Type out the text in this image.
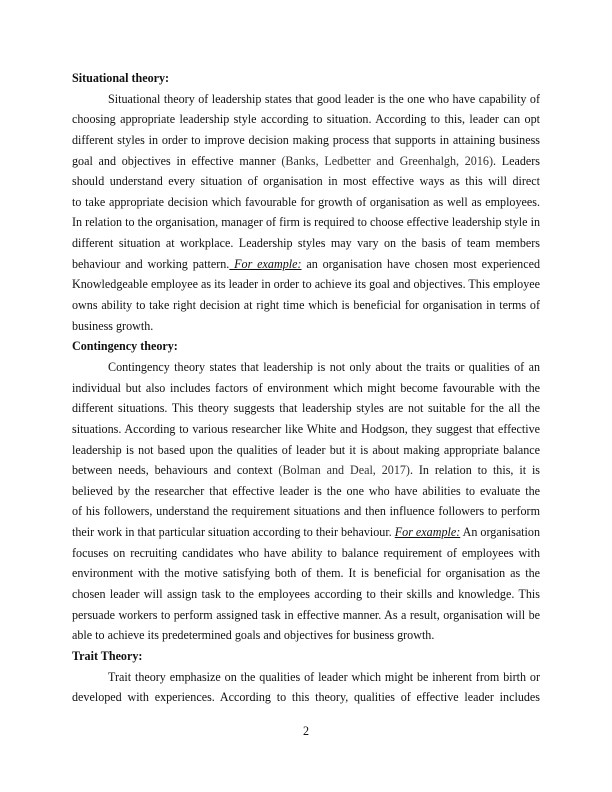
Situational theory:
Situational theory of leadership states that good leader is the one who have capability of
choosing appropriate leadership style according to situation. According to this, leader can opt
different styles in order to improve decision making process that supports in attaining business
goal and objectives in effective manner (Banks, Ledbetter and Greenhalgh, 2016). Leaders
should understand every situation of organisation in most effective ways as this will direct
to take appropriate decision which favourable for growth of organisation as well as employees.
In relation to the organisation, manager of firm is required to choose effective leadership style in
different situation at workplace. Leadership styles may vary on the basis of team members
behaviour and working pattern. For example: an organisation have chosen most experienced
Knowledgeable employee as its leader in order to achieve its goal and objectives. This employee
owns ability to take right decision at right time which is beneficial for organisation in terms of
business growth.
Contingency theory:
Contingency theory states that leadership is not only about the traits or qualities of an
individual but also includes factors of environment which might become favourable with the
different situations. This theory suggests that leadership styles are not suitable for the all the
situations. According to various researcher like White and Hodgson, they suggest that effective
leadership is not based upon the qualities of leader but it is about making appropriate balance
between needs, behaviours and context (Bolman and Deal, 2017). In relation to this, it is
believed by the researcher that effective leader is the one who have abilities to evaluate the
of his followers, understand the requirement situations and then influence followers to perform
their work in that particular situation according to their behaviour. For example: An organisation
focuses on recruiting candidates who have ability to balance requirement of employees with
environment with the motive satisfying both of them. It is beneficial for organisation as the
chosen leader will assign task to the employees according to their skills and knowledge. This
persuade workers to perform assigned task in effective manner. As a result, organisation will be
able to achieve its predetermined goals and objectives for business growth.
Trait Theory:
Trait theory emphasize on the qualities of leader which might be inherent from birth or
developed with experiences. According to this theory, qualities of effective leader includes
2
